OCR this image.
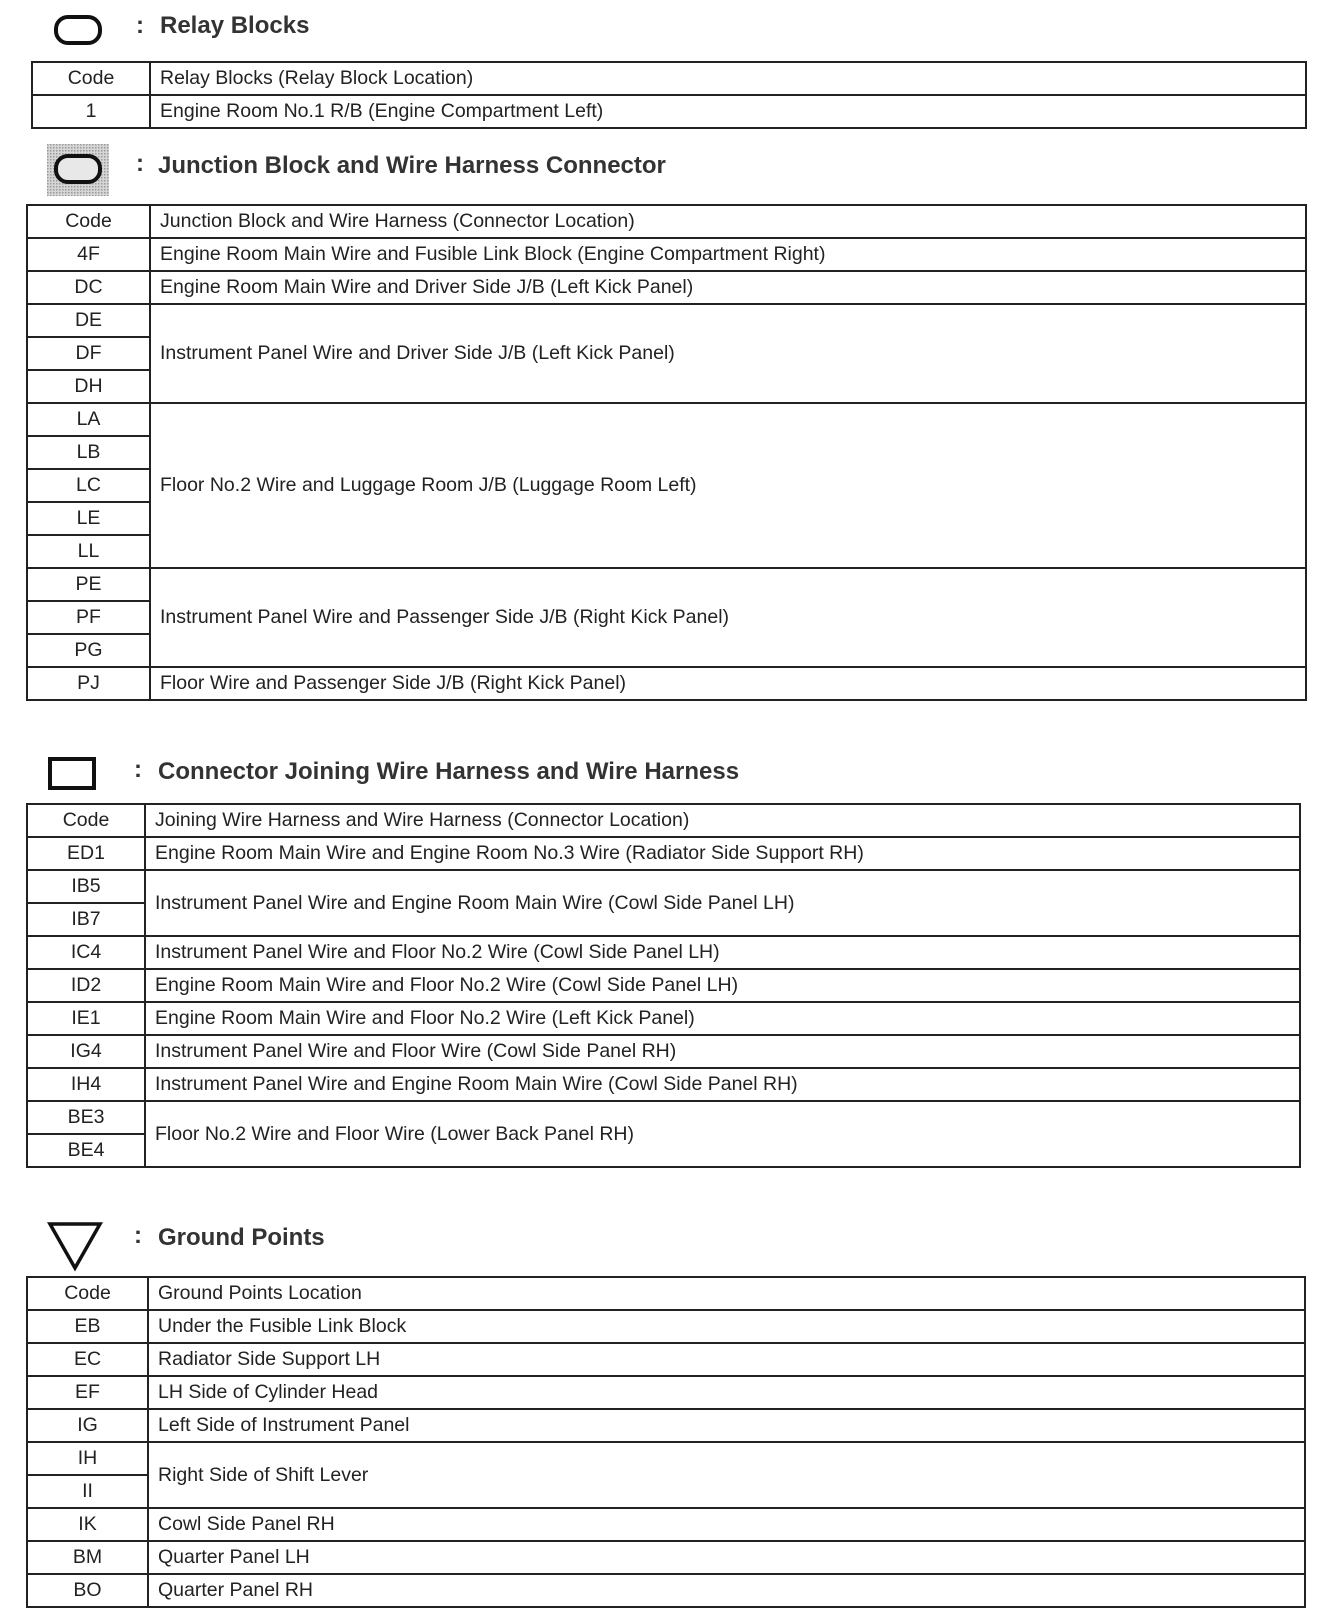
: Relay Blocks
Code	Relay Blocks (Relay Block Location)
1	Engine Room No.1 R/B (Engine Compartment Left)
: Junction Block and Wire Harness Connector
Code	Junction Block and Wire Harness (Connector Location)
4F	Engine Room Main Wire and Fusible Link Block (Engine Compartment Right)
DC	Engine Room Main Wire and Driver Side J/B (Left Kick Panel)
DE	Instrument Panel Wire and Driver Side J/B (Left Kick Panel)
DF	
DH	
LA	Floor No.2 Wire and Luggage Room J/B (Luggage Room Left)
LB	
LC	
LE	
LL	
PE	Instrument Panel Wire and Passenger Side J/B (Right Kick Panel)
PF	
PG	
PJ	Floor Wire and Passenger Side J/B (Right Kick Panel)
: Connector Joining Wire Harness and Wire Harness
Code	Joining Wire Harness and Wire Harness (Connector Location)
ED1	Engine Room Main Wire and Engine Room No.3 Wire (Radiator Side Support RH)
IB5	Instrument Panel Wire and Engine Room Main Wire (Cowl Side Panel LH)
IB7	
IC4	Instrument Panel Wire and Floor No.2 Wire (Cowl Side Panel LH)
ID2	Engine Room Main Wire and Floor No.2 Wire (Cowl Side Panel LH)
IE1	Engine Room Main Wire and Floor No.2 Wire (Left Kick Panel)
IG4	Instrument Panel Wire and Floor Wire (Cowl Side Panel RH)
IH4	Instrument Panel Wire and Engine Room Main Wire (Cowl Side Panel RH)
BE3	Floor No.2 Wire and Floor Wire (Lower Back Panel RH)
BE4	
: Ground Points
Code	Ground Points Location
EB	Under the Fusible Link Block
EC	Radiator Side Support LH
EF	LH Side of Cylinder Head
IG	Left Side of Instrument Panel
IH	Right Side of Shift Lever
II	
IK	Cowl Side Panel RH
BM	Quarter Panel LH
BO	Quarter Panel RH
